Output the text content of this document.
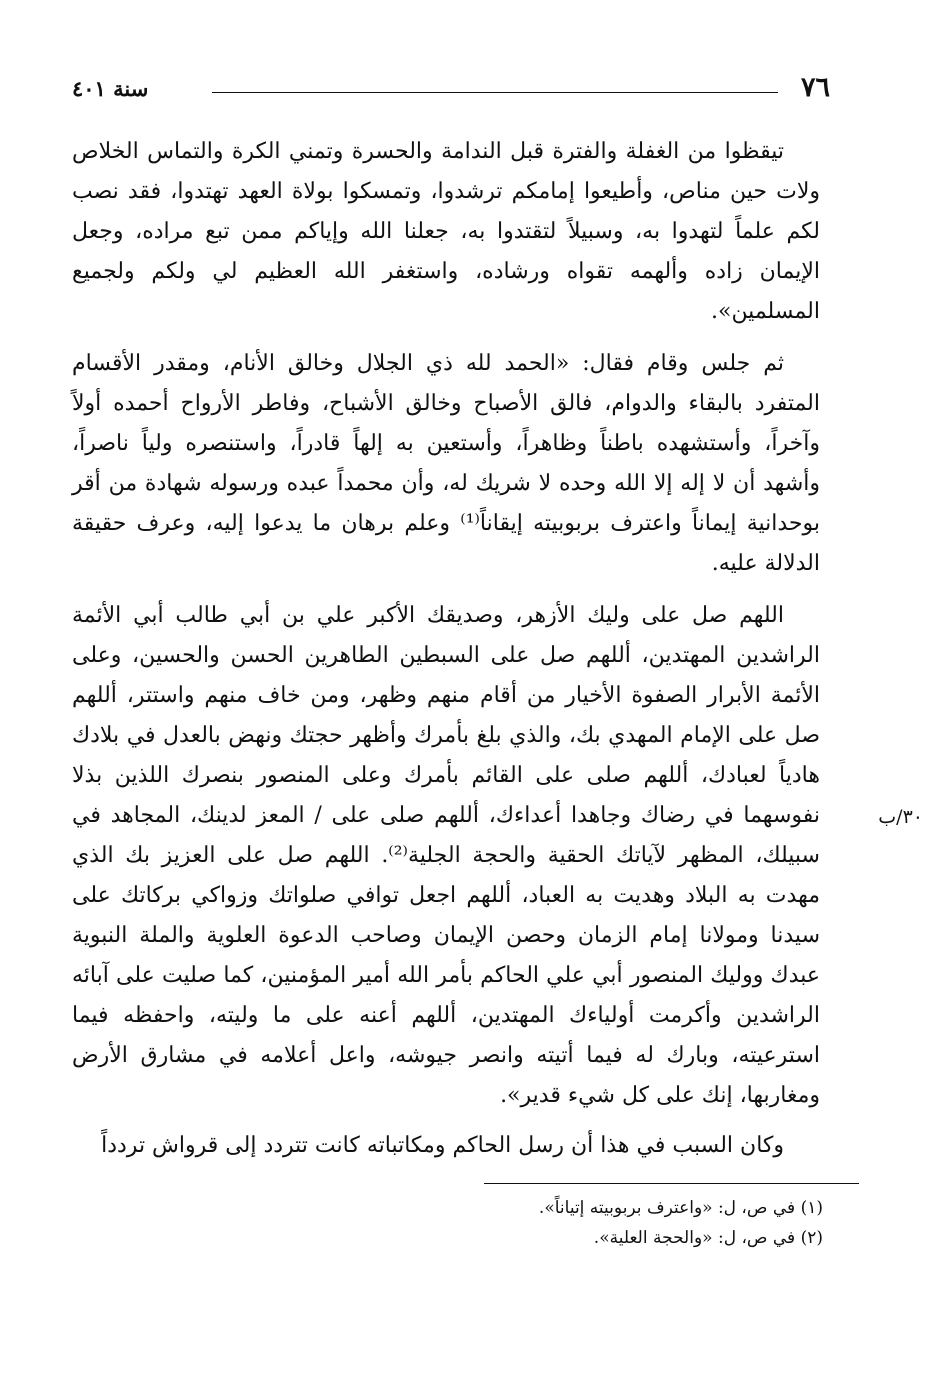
٧٦
سنة ٤٠١

تيقظوا من الغفلة والفترة قبل الندامة والحسرة وتمني الكرة والتماس الخلاص ولات حين مناص، وأطيعوا إمامكم ترشدوا، وتمسكوا بولاة العهد تهتدوا، فقد نصب لكم علماً لتهدوا به، وسبيلاً لتقتدوا به، جعلنا الله وإياكم ممن تبع مراده، وجعل الإيمان زاده وألهمه تقواه ورشاده، واستغفر الله العظيم لي ولكم ولجميع المسلمين».

ثم جلس وقام فقال: «الحمد لله ذي الجلال وخالق الأنام، ومقدر الأقسام المتفرد بالبقاء والدوام، فالق الأصباح وخالق الأشباح، وفاطر الأرواح أحمده أولاً وآخراً، وأستشهده باطناً وظاهراً، وأستعين به إلهاً قادراً، واستنصره ولياً ناصراً، وأشهد أن لا إله إلا الله وحده لا شريك له، وأن محمداً عبده ورسوله شهادة من أقر بوحدانية إيماناً واعترف بربوبيته إيقاناً⁽¹⁾ وعلم برهان ما يدعوا إليه، وعرف حقيقة الدلالة عليه.

اللهم صل على وليك الأزهر، وصديقك الأكبر علي بن أبي طالب أبي الأئمة الراشدين المهتدين، أللهم صل على السبطين الطاهرين الحسن والحسين، وعلى الأئمة الأبرار الصفوة الأخيار من أقام منهم وظهر، ومن خاف منهم واستتر، أللهم صل على الإمام المهدي بك، والذي بلغ بأمرك وأظهر حجتك ونهض بالعدل في بلادك هادياً لعبادك، أللهم صلى على القائم بأمرك وعلى المنصور بنصرك اللذين بذلا نفوسهما في رضاك وجاهدا أعداءك، أللهم صلى على / المعز لدينك، المجاهد في سبيلك، المظهر لآياتك الحقية والحجة الجلية⁽²⁾. اللهم صل على العزيز بك الذي مهدت به البلاد وهديت به العباد، أللهم اجعل توافي صلواتك وزواكي بركاتك على سيدنا ومولانا إمام الزمان وحصن الإيمان وصاحب الدعوة العلوية والملة النبوية عبدك ووليك المنصور أبي علي الحاكم بأمر الله أمير المؤمنين، كما صليت على آبائه الراشدين وأكرمت أولياءك المهتدين، أللهم أعنه على ما وليته، واحفظه فيما استرعيته، وبارك له فيما أتيته وانصر جيوشه، واعل أعلامه في مشارق الأرض ومغاربها، إنك على كل شيء قدير».

وكان السبب في هذا أن رسل الحاكم ومكاتباته كانت تتردد إلى قرواش تردداً

٣٠/ب
(١) في ص، ل: «واعترف بربوبيته إتياناً».
(٢) في ص، ل: «والحجة العلية».
